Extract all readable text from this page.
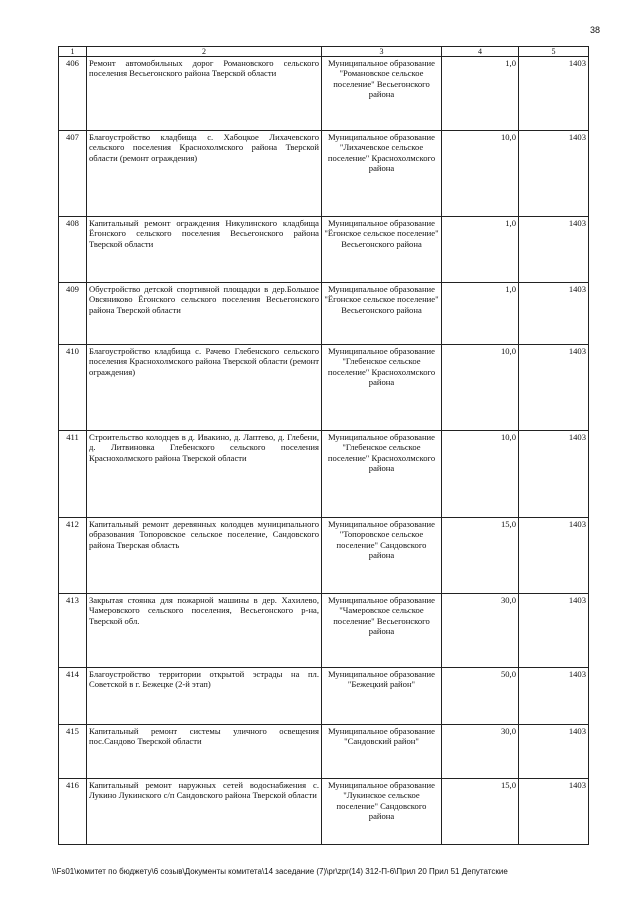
38
1	2	3	4	5
406	Ремонт автомобильных дорог Романовского сельского поселения Весьегонского района Тверской области	Муниципальное образование "Романовское сельское поселение" Весьегонского района	1,0	1403
407	Благоустройство кладбища с. Хабоцкое Лихачевского сельского поселения Краснохолмского района Тверской области (ремонт ограждения)	Муниципальное образование "Лихачевское сельское поселение" Краснохолмского района	10,0	1403
408	Капитальный ремонт ограждения Никулинского кладбища Ёгонского сельского поселения Весьегонского района Тверской области	Муниципальное образование "Ёгонское сельское поселение" Весьегонского района	1,0	1403
409	Обустройство детской спортивной площадки в дер.Большое Овсяниково Ёгонского сельского поселения Весьегонского района Тверской области	Муниципальное образование "Ёгонское сельское поселение" Весьегонского района	1,0	1403
410	Благоустройство кладбища с. Рачево Глебенского сельского поселения Краснохолмского района Тверской области (ремонт ограждения)	Муниципальное образование "Глебенское сельское поселение" Краснохолмского района	10,0	1403
411	Строительство колодцев в д. Ивакино, д. Лаптево, д. Глебени, д. Литвиновка Глебенского сельского поселения Краснохолмского района Тверской области	Муниципальное образование "Глебенское сельское поселение" Краснохолмского района	10,0	1403
412	Капитальный ремонт деревянных колодцев муниципального образования Топоровское сельское поселение, Сандовского района Тверская область	Муниципальное образование "Топоровское сельское поселение" Сандовского района	15,0	1403
413	Закрытая стоянка для пожарной машины в дер. Хахилево, Чамеровского сельского поселения, Весьегонского р-на, Тверской обл.	Муниципальное образование "Чамеровское сельское поселение" Весьегонского района	30,0	1403
414	Благоустройство территории открытой эстрады на пл. Советской в г. Бежецке (2-й этап)	Муниципальное образование "Бежецкий район"	50,0	1403
415	Капитальный ремонт системы уличного освещения пос.Сандово Тверской области	Муниципальное образование "Сандовский район"	30,0	1403
416	Капитальный ремонт наружных сетей водоснабжения с. Лукино Лукинского с/п Сандовского района Тверской области	Муниципальное образование "Лукинское сельское поселение" Сандовского района	15,0	1403
\\Fs01\комитет по бюджету\6 созыв\Документы комитета\14 заседание (7)\pr\zpr(14) 312-П-6\Прил 20 Прил 51 Депутатские
